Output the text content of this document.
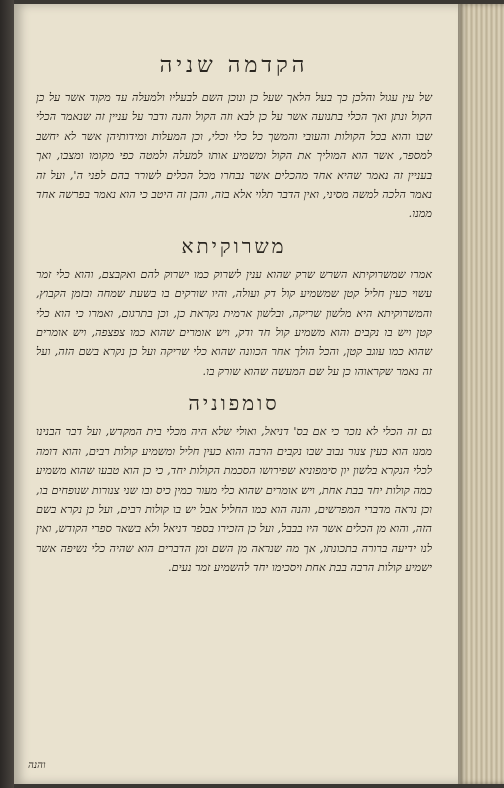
הקדמה שניה

של עין עגול והלכן כך בעל הלאך שעל כן ונוכן השם לבעליו ולמעלה עד מקוד אשר על כן הקול ונתן ואך הכלי בתנועה אשר על כן לבא וזה הקול והנה ודבר על עניין זה שנאמר הכלי שבו והוא בכל הקולות והעובי והמשך כל כלי וכלי, וכן המעלות ומידותיהן אשר לא יחשב למספר, אשר הוא המוליך את הקול ומשמיע אותו למעלה ולמטה כפי מקומו ומצבו, ואך בעניין זה נאמר שהיא אחד מהכלים אשר נבחרו מכל הכלים לשורר בהם לפני ה', ועל זה נאמר הלכה למשה מסיני, ואין הדבר תלוי אלא בזה, והבן זה היטב כי הוא נאמר בפרשה אחד ממנו.

משרוקיתא

אמרו שמשרוקיתא השרש שרק שהוא ענין לשרוק כמו ישרוק להם ואקבצם, והוא כלי זמר עשוי כעין חליל קטן שמשמיע קול דק ועולה, והיו שורקים בו בשעת שמחה ובזמן הקבוץ, והמשרוקיתא היא מלשון שריקה, ובלשון ארמית נקראת כן, וכן בתרגום, ואמרו כי הוא כלי קטן ויש בו נקבים והוא משמיע קול חד ודק, ויש אומרים שהוא כמו צפצפה, ויש אומרים שהוא כמו עוגב קטן, והכל הולך אחר הכוונה שהוא כלי שריקה ועל כן נקרא בשם הזה, ועל זה נאמר שקראוהו כן על שם המעשה שהוא שורק בו.

סומפוניה

גם זה הכלי לא נזכר כי אם בס' דניאל, ואולי שלא היה מכלי בית המקדש, ועל דבר הבנינו ממנו הוא כעין צנור נבוב שבו נקבים הרבה והוא כעין חליל ומשמיע קולות רבים, והוא דומה לכלי הנקרא בלשון יון סימפוניא שפירושו הסכמת הקולות יחד, כי כן הוא טבעו שהוא משמיע כמה קולות יחד בבת אחת, ויש אומרים שהוא כלי מעור כמין כיס ובו שני צנורות שנופחים בו, וכן נראה מדברי המפרשים, והנה הוא כמו החליל אבל יש בו קולות רבים, ועל כן נקרא בשם הזה, והוא מן הכלים אשר היו בבבל, ועל כן הזכירו בספר דניאל ולא בשאר ספרי הקודש, ואין לנו ידיעה ברורה בתכונתו, אך מה שנראה מן השם ומן הדברים הוא שהיה כלי נשיפה אשר ישמיע קולות הרבה בבת אחת ויסכימו יחד להשמיע זמר נעים.

והנה
